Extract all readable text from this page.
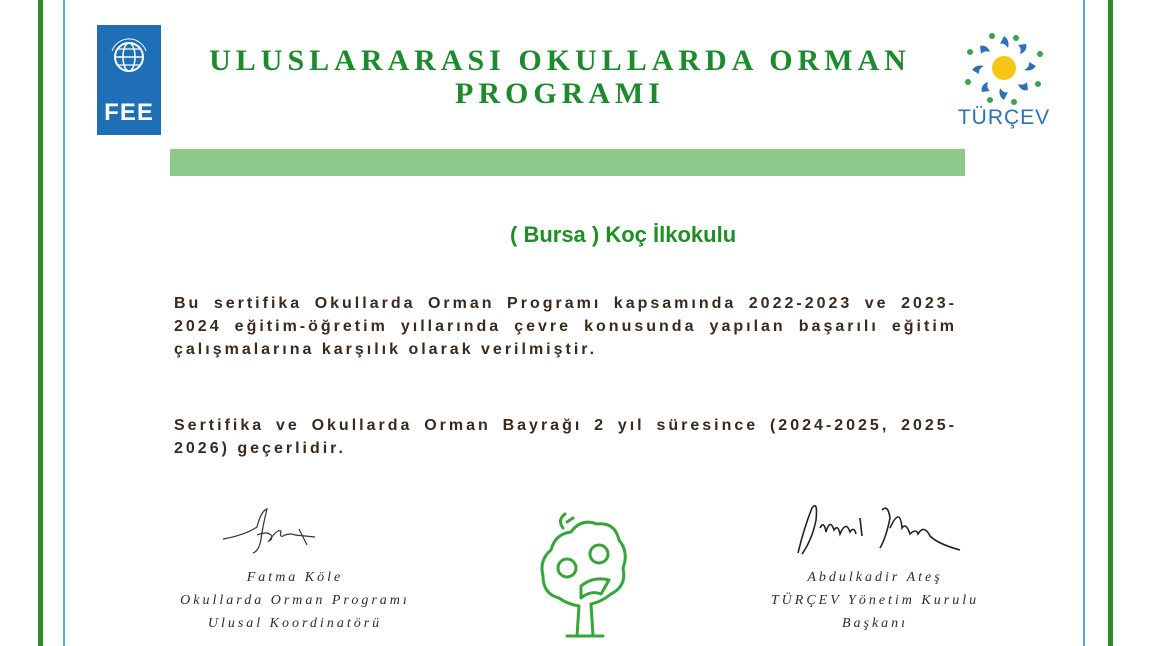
FEE
ULUSLARARASI OKULLARDA ORMAN PROGRAMI
TÜRÇEV
( Bursa ) Koç İlkokulu
Bu sertifika Okullarda Orman Programı kapsamında 2022-2023 ve 2023-2024 eğitim-öğretim yıllarında çevre konusunda yapılan başarılı eğitim çalışmalarına karşılık olarak verilmiştir.
Sertifika ve Okullarda Orman Bayrağı 2 yıl süresince (2024-2025, 2025-2026) geçerlidir.
Fatma Köle
Okullarda Orman Programı
Ulusal Koordinatörü
Abdulkadir Ateş
TÜRÇEV Yönetim Kurulu
Başkanı
